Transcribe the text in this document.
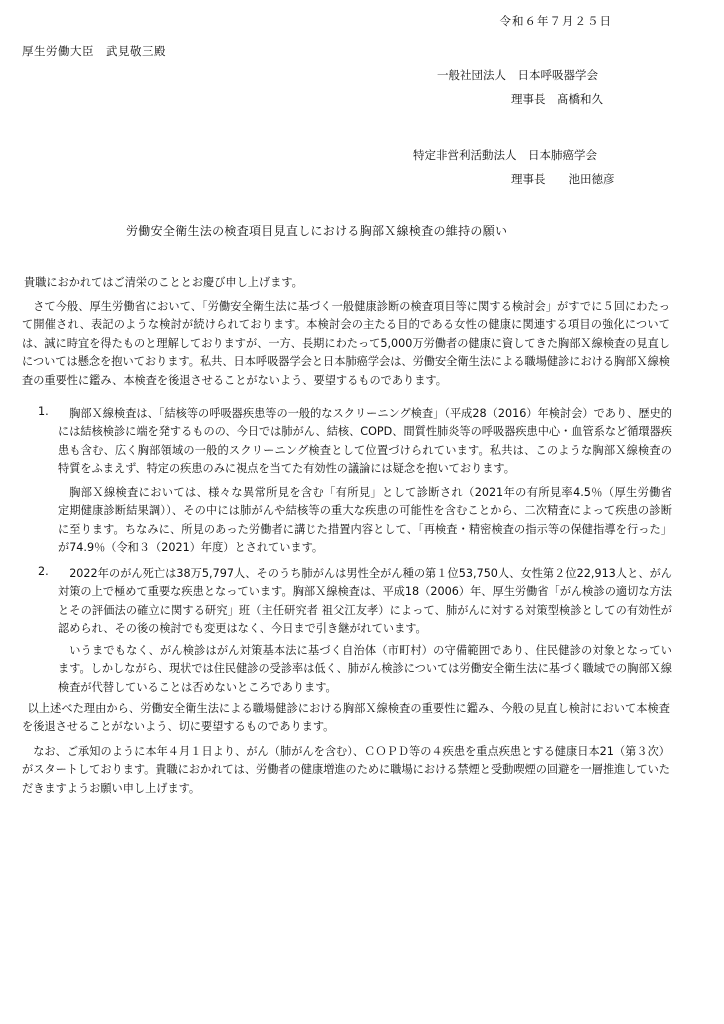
令和６年７月２５日
厚生労働大臣　武見敬三殿
一般社団法人　日本呼吸器学会
理事長　髙橋和久
特定非営利活動法人　日本肺癌学会
理事長　　池田徳彦
労働安全衛生法の検査項目見直しにおける胸部Ｘ線検査の維持の願い
貴職におかれてはご清栄のこととお慶び申し上げます。
さて今般、厚生労働省において、「労働安全衛生法に基づく一般健康診断の検査項目等に関する検討会」がすでに５回にわたって開催され、表記のような検討が続けられております。本検討会の主たる目的である女性の健康に関連する項目の強化については、誠に時宜を得たものと理解しておりますが、一方、長期にわたって5,000万労働者の健康に資してきた胸部Ｘ線検査の見直しについては懸念を抱いております。私共、日本呼吸器学会と日本肺癌学会は、労働安全衛生法による職場健診における胸部Ｘ線検査の重要性に鑑み、本検査を後退させることがないよう、要望するものであります。
1.	胸部Ｘ線検査は、「結核等の呼吸器疾患等の一般的なスクリーニング検査」（平成28（2016）年検討会）であり、歴史的には結核検診に端を発するものの、今日では肺がん、結核、COPD、間質性肺炎等の呼吸器疾患中心・血管系など循環器疾患も含む、広く胸部領域の一般的スクリーニング検査として位置づけられています。私共は、このような胸部Ｘ線検査の特質をふまえず、特定の疾患のみに視点を当てた有効性の議論には疑念を抱いております。
胸部Ｘ線検査においては、様々な異常所見を含む「有所見」として診断され（2021年の有所見率4.5％（厚生労働省　定期健康診断結果調））、その中には肺がんや結核等の重大な疾患の可能性を含むことから、二次精査によって疾患の診断に至ります。ちなみに、所見のあった労働者に講じた措置内容として、「再検査・精密検査の指示等の保健指導を行った」が74.9％（令和３（2021）年度）とされています。
2.	2022年のがん死亡は38万5,797人、そのうち肺がんは男性全がん種の第１位53,750人、女性第２位22,913人と、がん対策の上で極めて重要な疾患となっています。胸部Ｘ線検査は、平成18（2006）年、厚生労働省「がん検診の適切な方法とその評価法の確立に関する研究」班（主任研究者 祖父江友孝）によって、肺がんに対する対策型検診としての有効性が認められ、その後の検討でも変更はなく、今日まで引き継がれています。
いうまでもなく、がん検診はがん対策基本法に基づく自治体（市町村）の守備範囲であり、住民健診の対象となっています。しかしながら、現状では住民健診の受診率は低く、肺がん検診については労働安全衛生法に基づく職域での胸部Ｘ線検査が代替していることは否めないところであります。
以上述べた理由から、労働安全衛生法による職場健診における胸部Ｘ線検査の重要性に鑑み、今般の見直し検討において本検査を後退させることがないよう、切に要望するものであります。
なお、ご承知のように本年４月１日より、がん（肺がんを含む）、ＣＯＰＤ等の４疾患を重点疾患とする健康日本21（第３次）がスタートしております。貴職におかれては、労働者の健康増進のために職場における禁煙と受動喫煙の回避を一層推進していただきますようお願い申し上げます。
